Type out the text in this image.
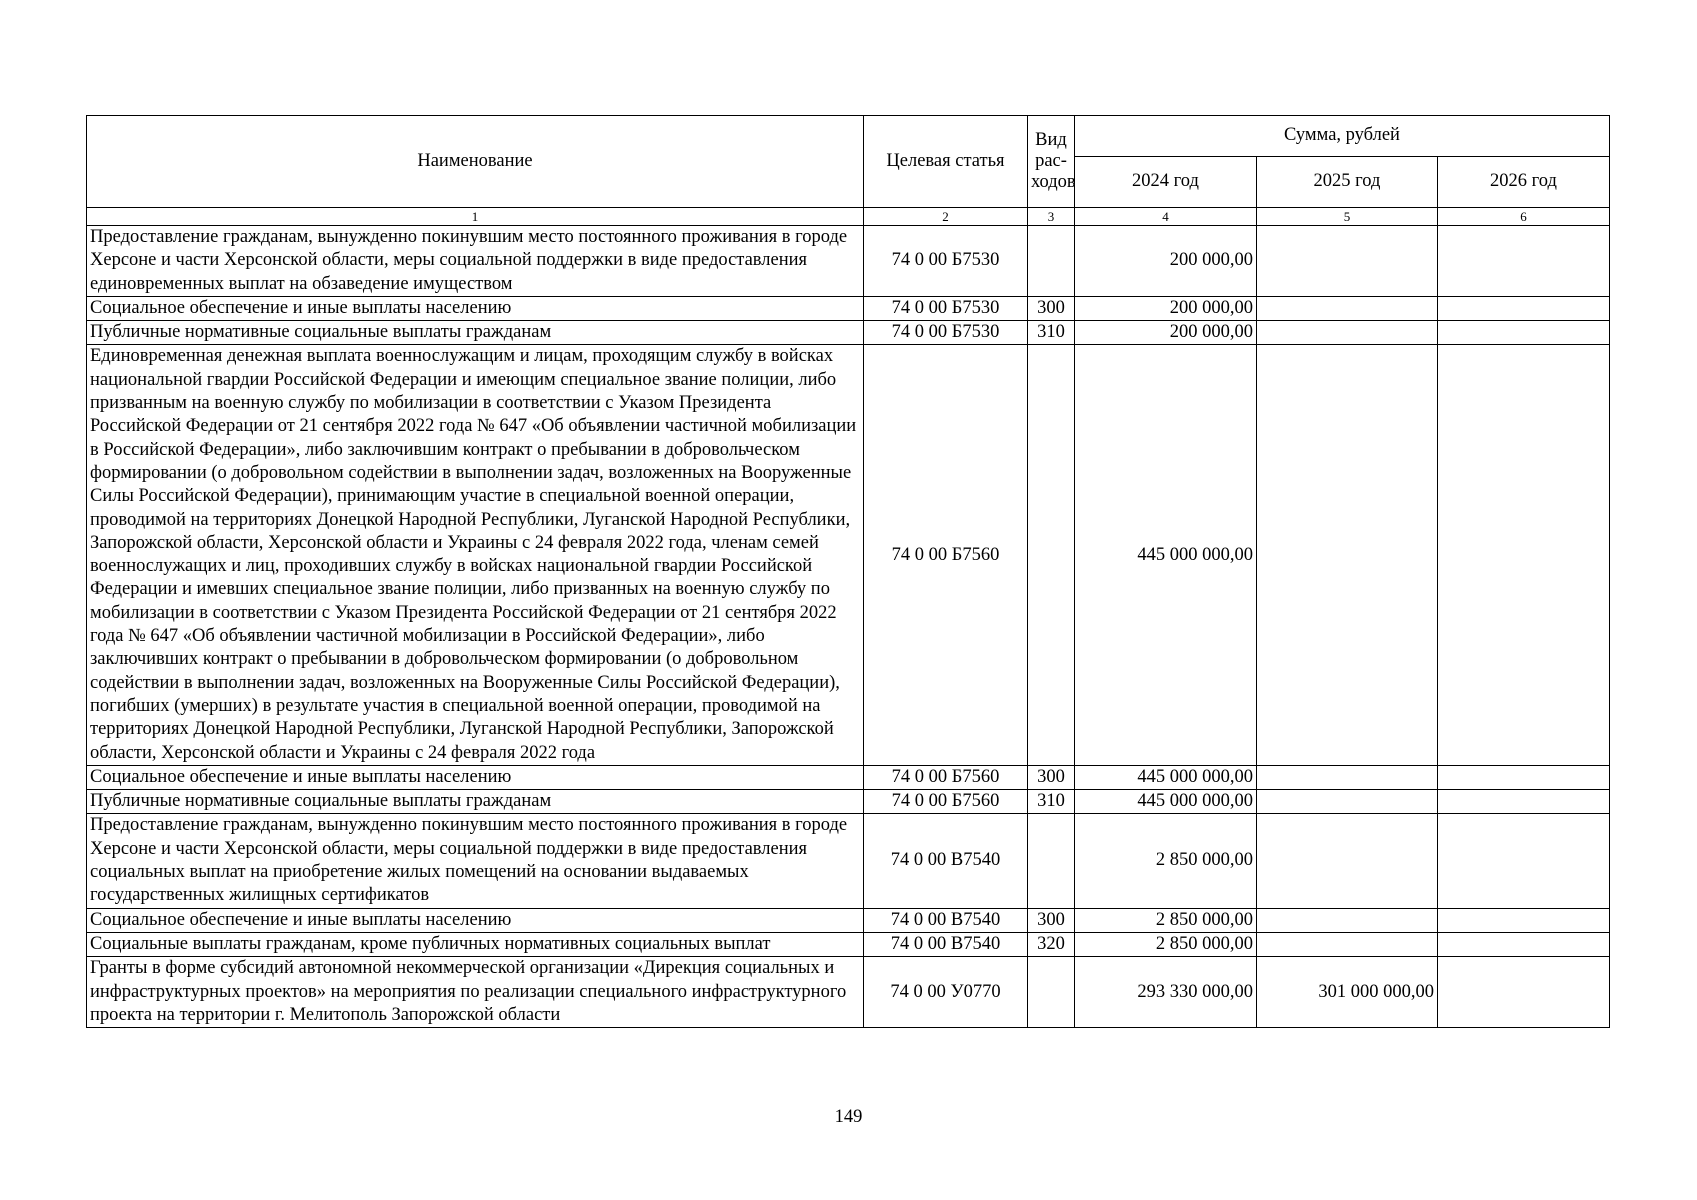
Наименование	Целевая статья	Вид рас-ходов	Сумма, рублей		
			2024 год	2025 год	2026 год
1	2	3	4	5	6
Предоставление гражданам, вынужденно покинувшим место постоянного проживания в городе Херсоне и части Херсонской области, меры социальной поддержки в виде предоставления единовременных выплат на обзаведение имуществом	74 0 00 Б7530		200 000,00		
Социальное обеспечение и иные выплаты населению	74 0 00 Б7530	300	200 000,00		
Публичные нормативные социальные выплаты гражданам	74 0 00 Б7530	310	200 000,00		
Единовременная денежная выплата военнослужащим и лицам, проходящим службу в войсках национальной гвардии Российской Федерации и имеющим специальное звание полиции, либо призванным на военную службу по мобилизации в соответствии с Указом Президента Российской Федерации от 21 сентября 2022 года № 647 «Об объявлении частичной мобилизации в Российской Федерации», либо заключившим контракт о пребывании в добровольческом формировании (о добровольном содействии в выполнении задач, возложенных на Вооруженные Силы Российской Федерации), принимающим участие в специальной военной операции, проводимой на территориях Донецкой Народной Республики, Луганской Народной Республики, Запорожской области, Херсонской области и Украины с 24 февраля 2022 года, членам семей военнослужащих и лиц, проходивших службу в войсках национальной гвардии Российской Федерации и имевших специальное звание полиции, либо призванных на военную службу по мобилизации в соответствии с Указом Президента Российской Федерации от 21 сентября 2022 года № 647 «Об объявлении частичной мобилизации в Российской Федерации», либо заключивших контракт о пребывании в добровольческом формировании (о добровольном содействии в выполнении задач, возложенных на Вооруженные Силы Российской Федерации), погибших (умерших) в результате участия в специальной военной операции, проводимой на территориях Донецкой Народной Республики, Луганской Народной Республики, Запорожской области, Херсонской области и Украины с 24 февраля 2022 года	74 0 00 Б7560		445 000 000,00		
Социальное обеспечение и иные выплаты населению	74 0 00 Б7560	300	445 000 000,00		
Публичные нормативные социальные выплаты гражданам	74 0 00 Б7560	310	445 000 000,00		
Предоставление гражданам, вынужденно покинувшим место постоянного проживания в городе Херсоне и части Херсонской области, меры социальной поддержки в виде предоставления социальных выплат на приобретение жилых помещений на основании выдаваемых государственных жилищных сертификатов	74 0 00 В7540		2 850 000,00		
Социальное обеспечение и иные выплаты населению	74 0 00 В7540	300	2 850 000,00		
Социальные выплаты гражданам, кроме публичных нормативных социальных выплат	74 0 00 В7540	320	2 850 000,00		
Гранты в форме субсидий автономной некоммерческой организации «Дирекция социальных и инфраструктурных проектов» на мероприятия по реализации специального инфраструктурного проекта на территории г. Мелитополь Запорожской области	74 0 00 У0770		293 330 000,00	301 000 000,00	
149
